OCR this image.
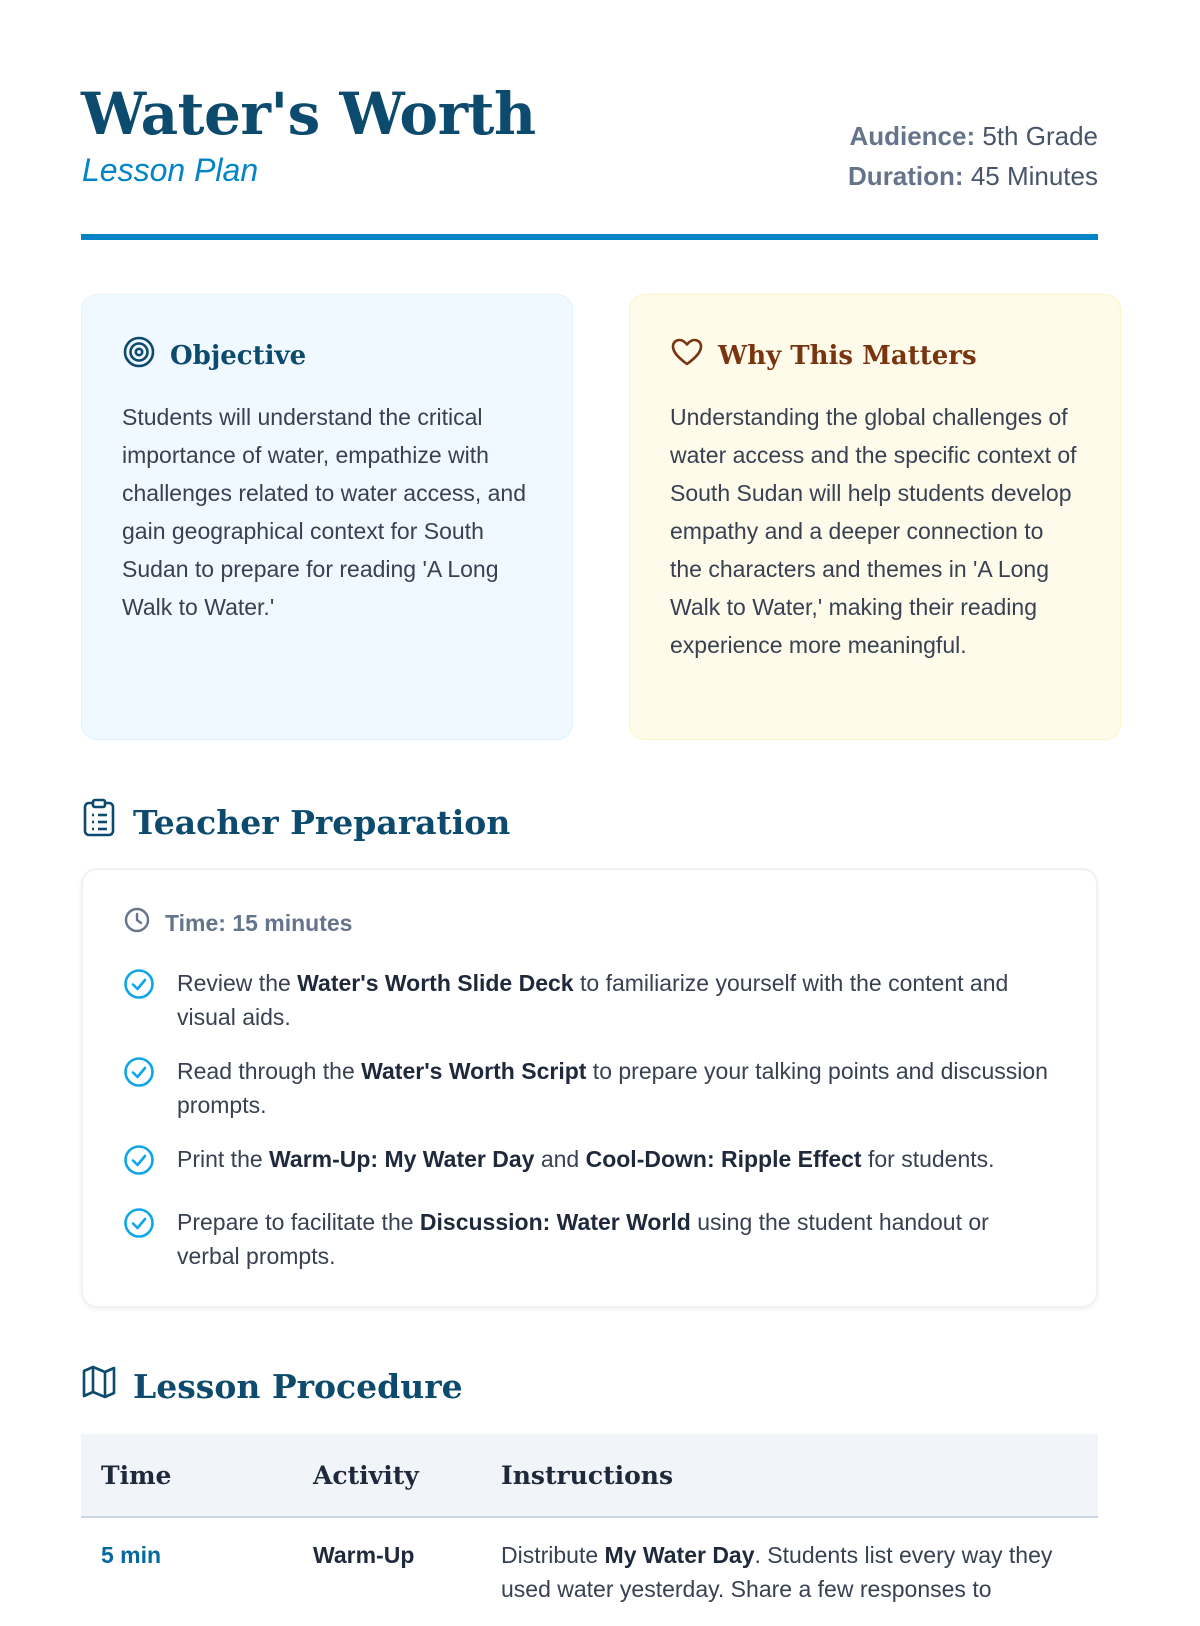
Water's Worth
Lesson Plan
Audience: 5th Grade
Duration: 45 Minutes
Objective

Students will understand the critical importance of water, empathize with challenges related to water access, and gain geographical context for South Sudan to prepare for reading 'A Long Walk to Water.'

Why This Matters

Understanding the global challenges of water access and the specific context of South Sudan will help students develop empathy and a deeper connection to the characters and themes in 'A Long Walk to Water,' making their reading experience more meaningful.

Teacher Preparation
Time: 15 minutes
Review the Water's Worth Slide Deck to familiarize yourself with the content and visual aids.
Read through the Water's Worth Script to prepare your talking points and discussion prompts.
Print the Warm-Up: My Water Day and Cool-Down: Ripple Effect for students.
Prepare to facilitate the Discussion: Water World using the student handout or verbal prompts.
Lesson Procedure
Time	Activity	Instructions
5 min	Warm-Up	Distribute My Water Day. Students list every way they used water yesterday. Share a few responses to
